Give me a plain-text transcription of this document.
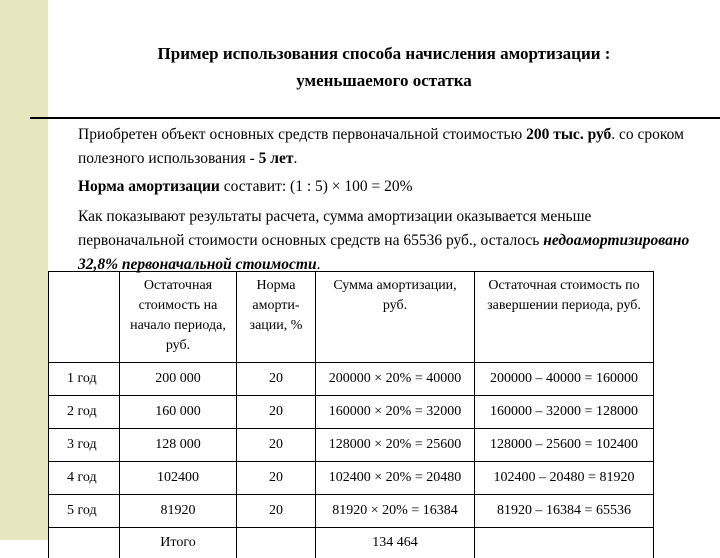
Пример использования способа начисления амортизации :
уменьшаемого остатка
Приобретен объект основных средств первоначальной стоимостью 200 тыс. руб. со сроком полезного использования - 5 лет.
Норма амортизации составит: (1 : 5) × 100 = 20%
Как показывают результаты расчета, сумма амортизации оказывается меньше первоначальной стоимости основных средств на 65536 руб., осталось недоамортизировано 32,8% первоначальной стоимости.
	Остаточная стоимость на начало периода, руб.	Норма аморти-зации, %	Сумма амортизации, руб.	Остаточная стоимость по завершении периода, руб.
1 год	200 000	20	200000 × 20% = 40000	200000 – 40000 = 160000
2 год	160 000	20	160000 × 20% = 32000	160000 – 32000 = 128000
3 год	128 000	20	128000 × 20% = 25600	128000 – 25600 = 102400
4 год	102400	20	102400 × 20% = 20480	102400 – 20480 = 81920
5 год	81920	20	81920 × 20% = 16384	81920 – 16384 = 65536
	Итого		134 464	
